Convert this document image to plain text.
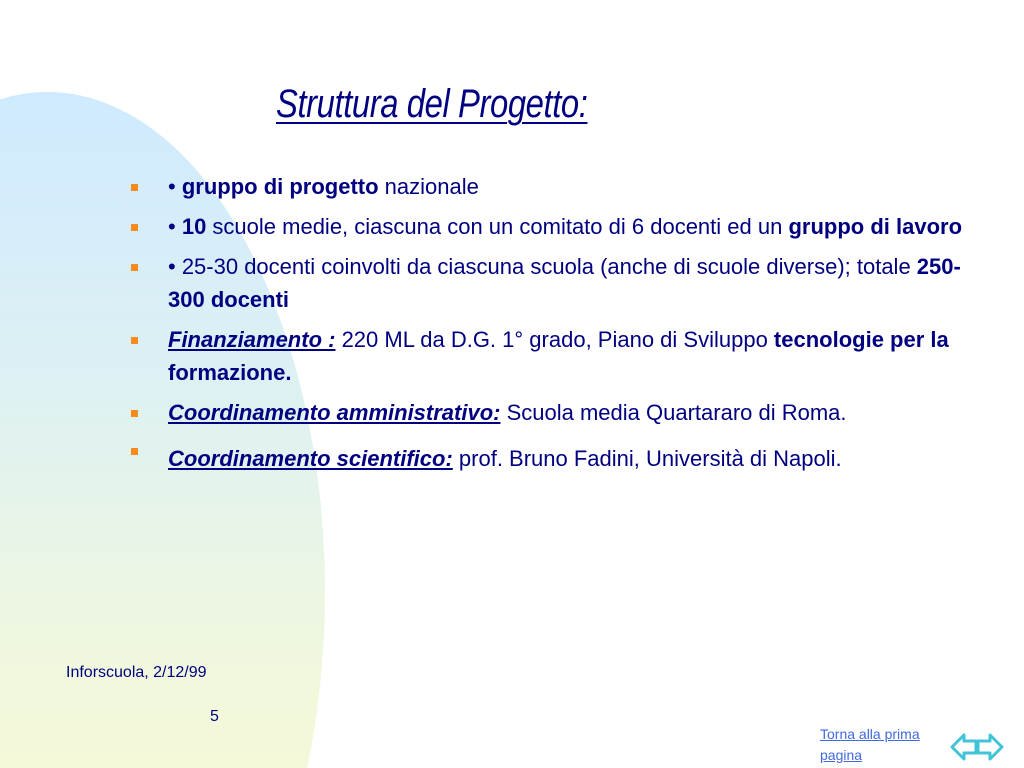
Struttura del Progetto:
• gruppo di progetto nazionale
• 10 scuole medie, ciascuna con un comitato di 6 docenti ed un gruppo di lavoro
• 25-30 docenti coinvolti da ciascuna scuola (anche di scuole diverse); totale 250-300 docenti
Finanziamento : 220 ML da D.G. 1° grado, Piano di Sviluppo tecnologie per la formazione.
Coordinamento amministrativo: Scuola media Quartararo di Roma.
Coordinamento scientifico: prof. Bruno Fadini, Università di Napoli.
Inforscuola, 2/12/99
5
Torna alla prima pagina
